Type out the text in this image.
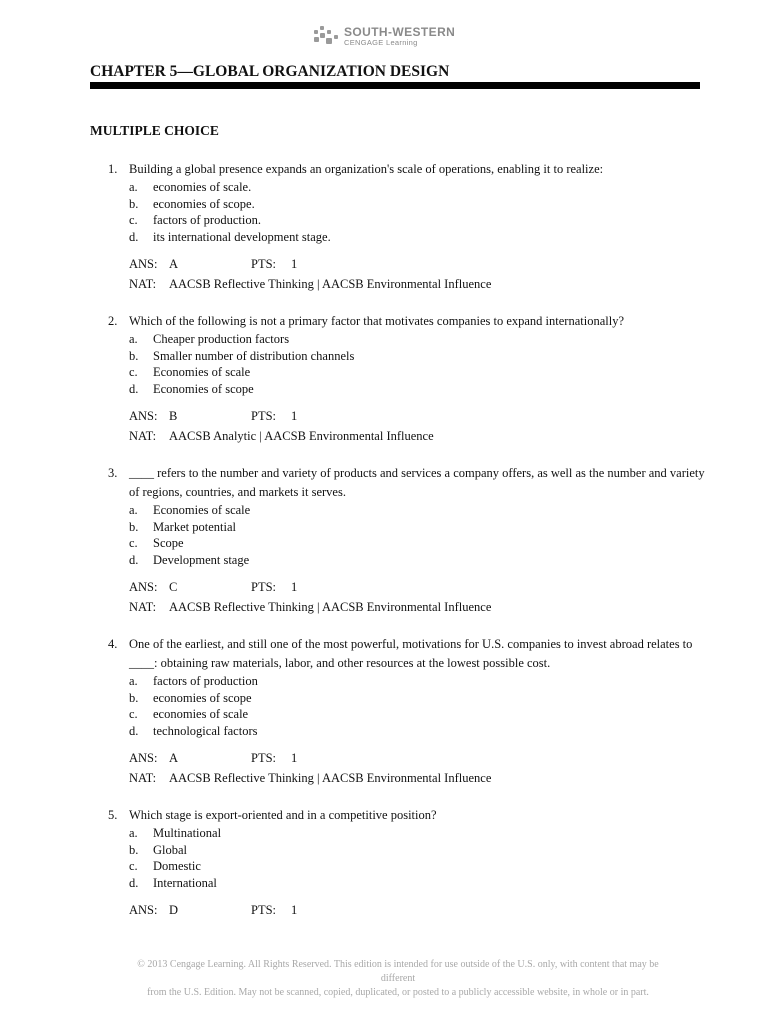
SOUTH-WESTERN
CENGAGE Learning
CHAPTER 5—GLOBAL ORGANIZATION DESIGN
MULTIPLE CHOICE
1. Building a global presence expands an organization's scale of operations, enabling it to realize:
a.	economies of scale.
b.	economies of scope.
c.	factors of production.
d.	its international development stage.
ANS: A	PTS:	1
NAT:	AACSB Reflective Thinking | AACSB Environmental Influence
2. Which of the following is not a primary factor that motivates companies to expand internationally?
a.	Cheaper production factors
b.	Smaller number of distribution channels
c.	Economies of scale
d.	Economies of scope
ANS: B	PTS:	1
NAT:	AACSB Analytic | AACSB Environmental Influence
3. ____ refers to the number and variety of products and services a company offers, as well as the number and variety of regions, countries, and markets it serves.
a.	Economies of scale
b.	Market potential
c.	Scope
d.	Development stage
ANS: C	PTS:	1
NAT:	AACSB Reflective Thinking | AACSB Environmental Influence
4. One of the earliest, and still one of the most powerful, motivations for U.S. companies to invest abroad relates to ____: obtaining raw materials, labor, and other resources at the lowest possible cost.
a.	factors of production
b.	economies of scope
c.	economies of scale
d.	technological factors
ANS: A	PTS:	1
NAT:	AACSB Reflective Thinking | AACSB Environmental Influence
5. Which stage is export-oriented and in a competitive position?
a.	Multinational
b.	Global
c.	Domestic
d.	International
ANS: D	PTS:	1
© 2013 Cengage Learning. All Rights Reserved. This edition is intended for use outside of the U.S. only, with content that may be different
from the U.S. Edition. May not be scanned, copied, duplicated, or posted to a publicly accessible website, in whole or in part.
